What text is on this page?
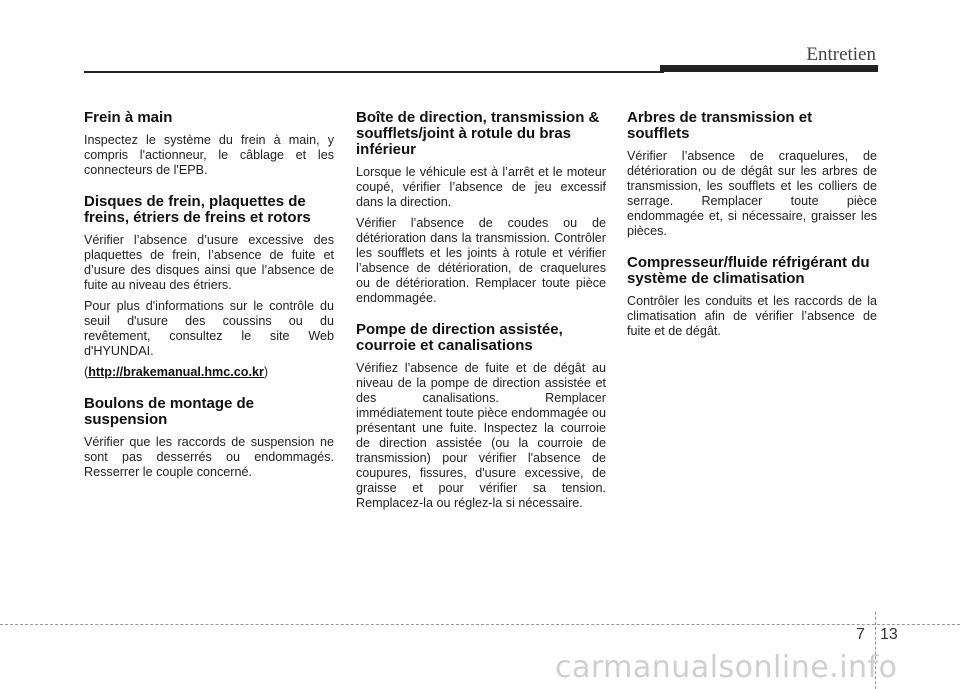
Entretien
Frein à main

Inspectez le système du frein à main, y compris l'actionneur, le câblage et les connecteurs de l'EPB.

Disques de frein, plaquettes de freins, étriers de freins et rotors

Vérifier l’absence d’usure excessive des plaquettes de frein, l’absence de fuite et d’usure des disques ainsi que l’absence de fuite au niveau des étriers.

Pour plus d'informations sur le contrôle du seuil d'usure des coussins ou du revêtement, consultez le site Web d'HYUNDAI.

(http://brakemanual.hmc.co.kr)

Boulons de montage de suspension

Vérifier que les raccords de suspension ne sont pas desserrés ou endommagés. Resserrer le couple concerné.

Boîte de direction, transmission & soufflets/joint à rotule du bras inférieur

Lorsque le véhicule est à l’arrêt et le moteur coupé, vérifier l’absence de jeu excessif dans la direction.

Vérifier l’absence de coudes ou de détérioration dans la transmission. Contrôler les soufflets et les joints à rotule et vérifier l’absence de détérioration, de craquelures ou de détérioration. Remplacer toute pièce endommagée.

Pompe de direction assistée, courroie et canalisations

Vérifiez l’absence de fuite et de dégât au niveau de la pompe de direction assistée et des canalisations. Remplacer immédiatement toute pièce endommagée ou présentant une fuite. Inspectez la courroie de direction assistée (ou la courroie de transmission) pour vérifier l'absence de coupures, fissures, d'usure excessive, de graisse et pour vérifier sa tension. Remplacez-la ou réglez-la si nécessaire.

Arbres de transmission et soufflets

Vérifier l’absence de craquelures, de détérioration ou de dégât sur les arbres de transmission, les soufflets et les colliers de serrage. Remplacer toute pièce endommagée et, si nécessaire, graisser les pièces.

Compresseur/fluide réfrigérant du système de climatisation

Contrôler les conduits et les raccords de la climatisation afin de vérifier l’absence de fuite et de dégât.

7 13
carmanualsonline.info
